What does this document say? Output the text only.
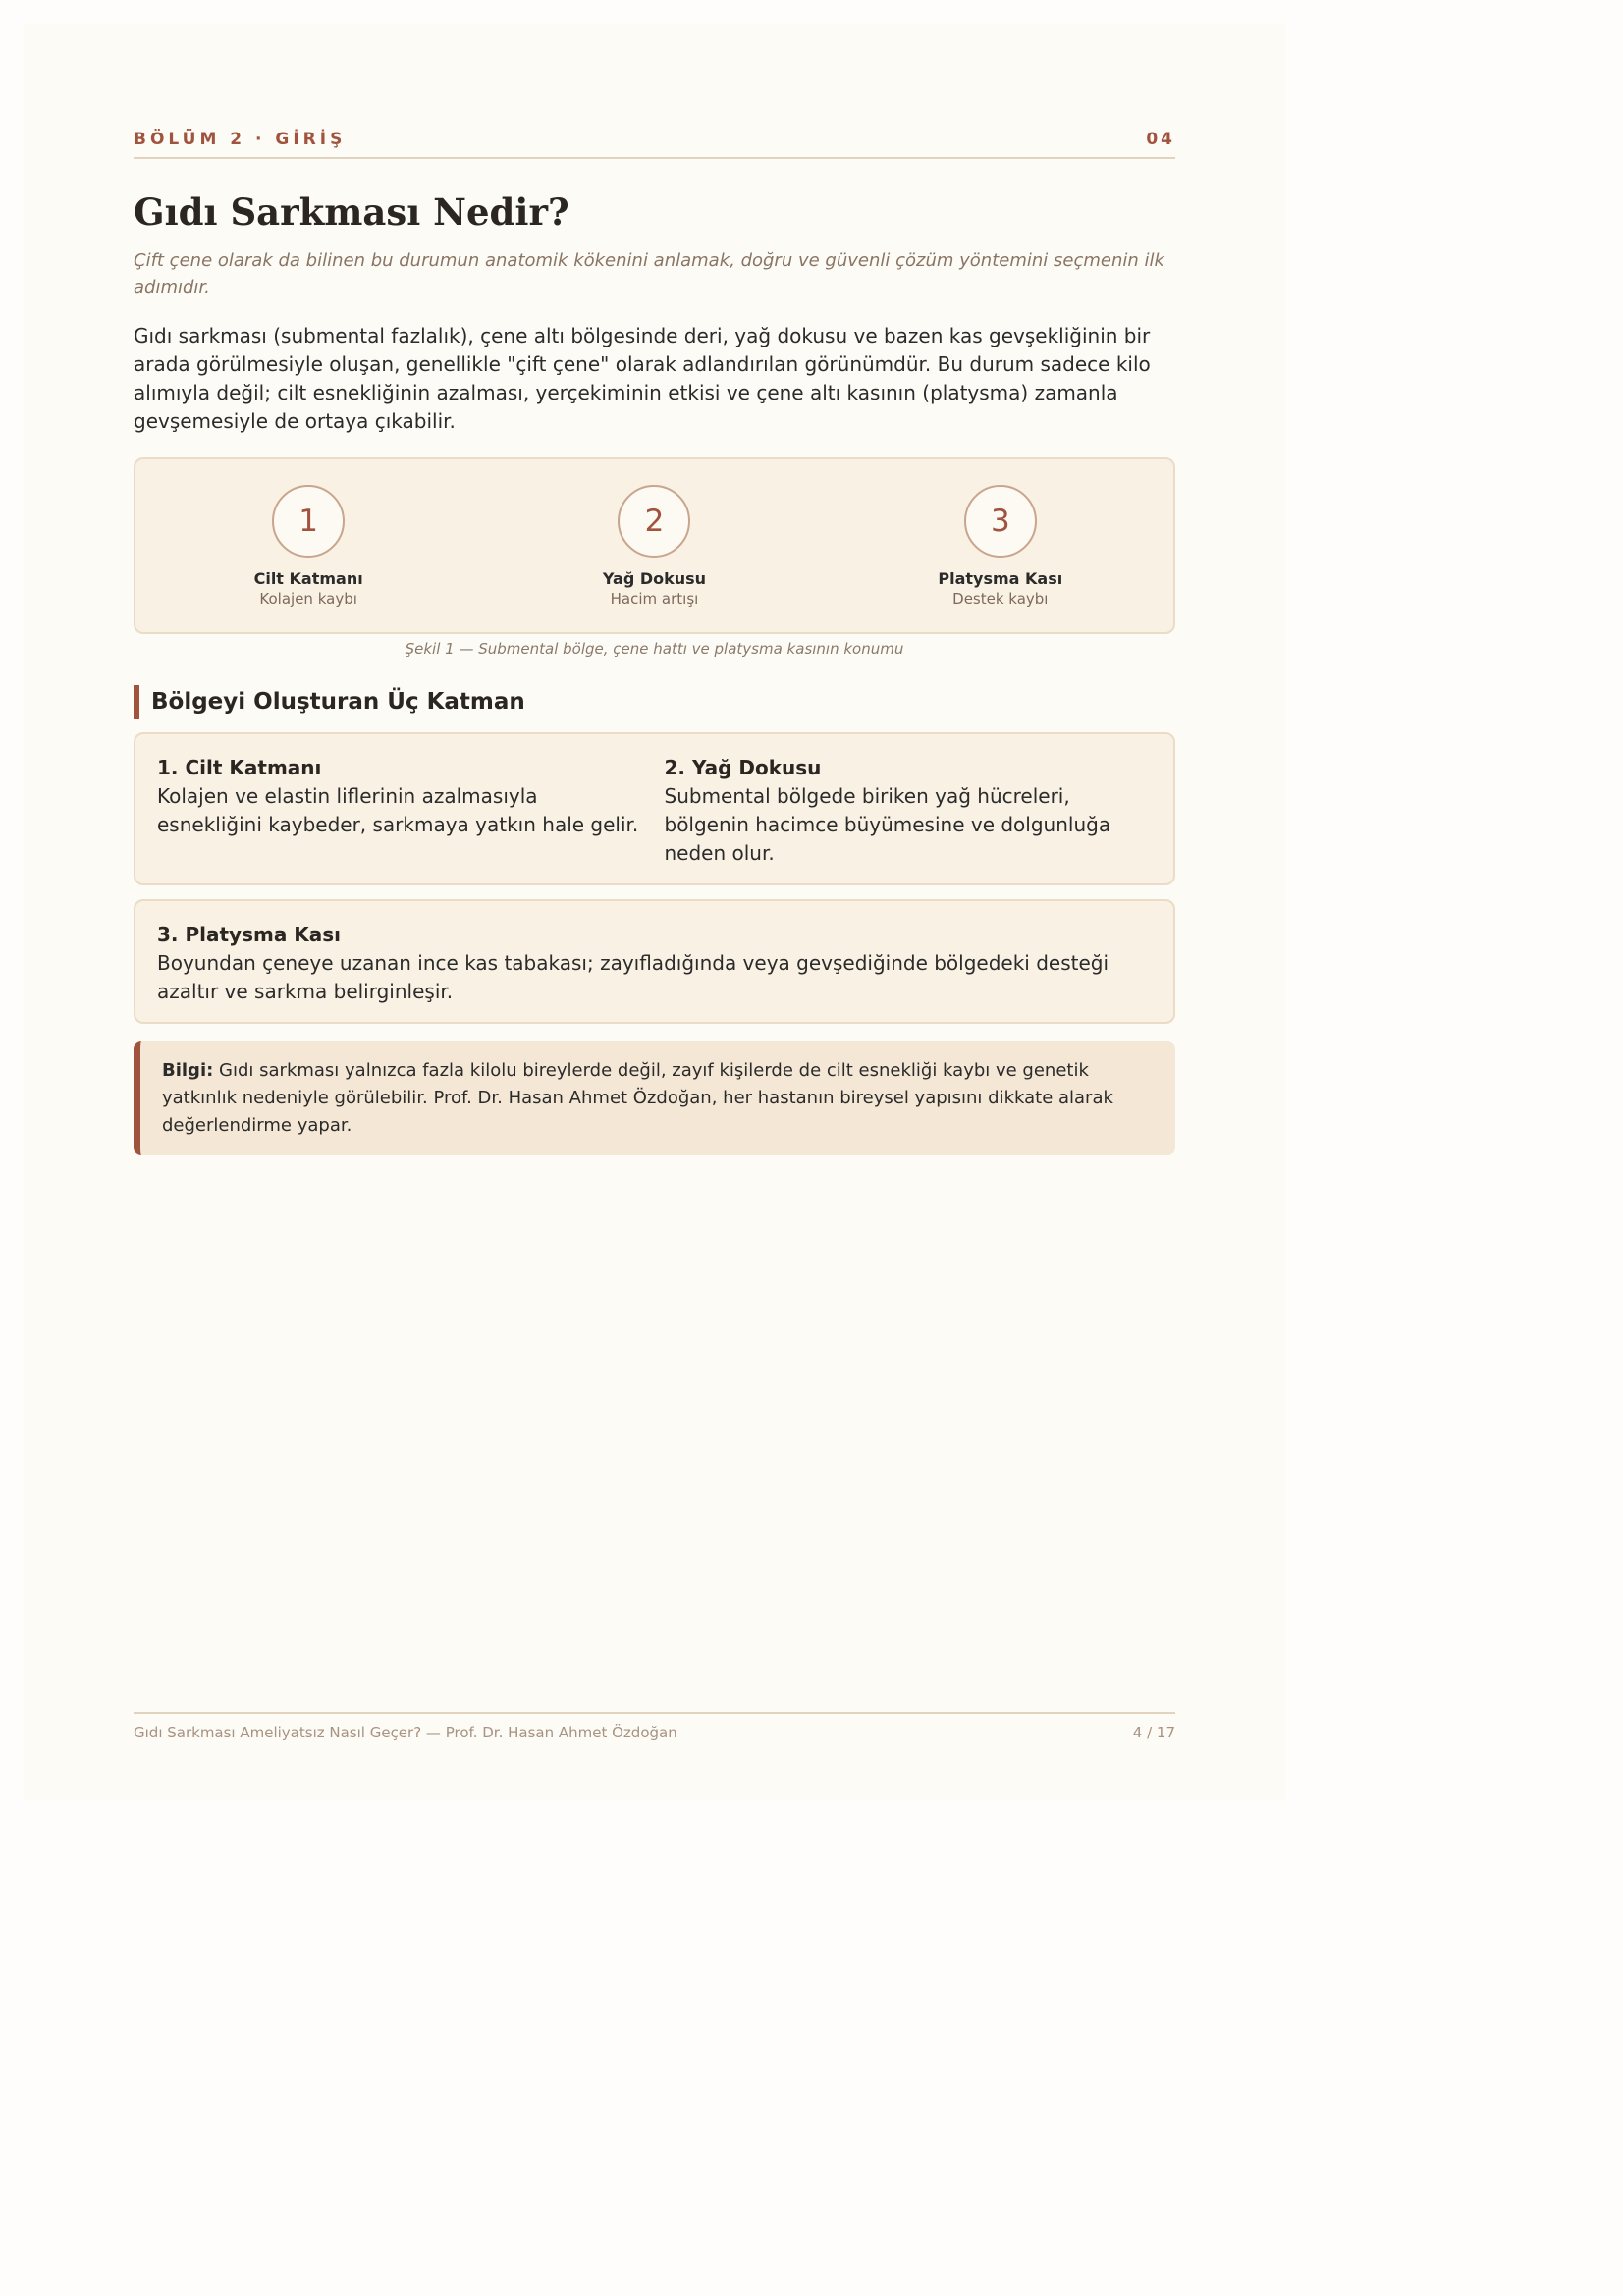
BÖLÜM 2 · GİRİŞ	04
Gıdı Sarkması Nedir?

Çift çene olarak da bilinen bu durumun anatomik kökenini anlamak, doğru ve güvenli çözüm yöntemini seçmenin ilk adımıdır.

Gıdı sarkması (submental fazlalık), çene altı bölgesinde deri, yağ dokusu ve bazen kas gevşekliğinin bir arada görülmesiyle oluşan, genellikle "çift çene" olarak adlandırılan görünümdür. Bu durum sadece kilo alımıyla değil; cilt esnekliğinin azalması, yerçekiminin etkisi ve çene altı kasının (platysma) zamanla gevşemesiyle de ortaya çıkabilir.

1
Cilt Katmanı
Kolajen kaybı
2
Yağ Dokusu
Hacim artışı
3
Platysma Kası
Destek kaybı
Şekil 1 — Submental bölge, çene hattı ve platysma kasının konumu
Bölgeyi Oluşturan Üç Katman
1. Cilt Katmanı
Kolajen ve elastin liflerinin azalmasıyla esnekliğini kaybeder, sarkmaya yatkın hale gelir.
2. Yağ Dokusu
Submental bölgede biriken yağ hücreleri, bölgenin hacimce büyümesine ve dolgunluğa neden olur.
3. Platysma Kası
Boyundan çeneye uzanan ince kas tabakası; zayıfladığında veya gevşediğinde bölgedeki desteği azaltır ve sarkma belirginleşir.
Bilgi: Gıdı sarkması yalnızca fazla kilolu bireylerde değil, zayıf kişilerde de cilt esnekliği kaybı ve genetik yatkınlık nedeniyle görülebilir. Prof. Dr. Hasan Ahmet Özdoğan, her hastanın bireysel yapısını dikkate alarak değerlendirme yapar.
Gıdı Sarkması Ameliyatsız Nasıl Geçer? — Prof. Dr. Hasan Ahmet Özdoğan	4 / 17
